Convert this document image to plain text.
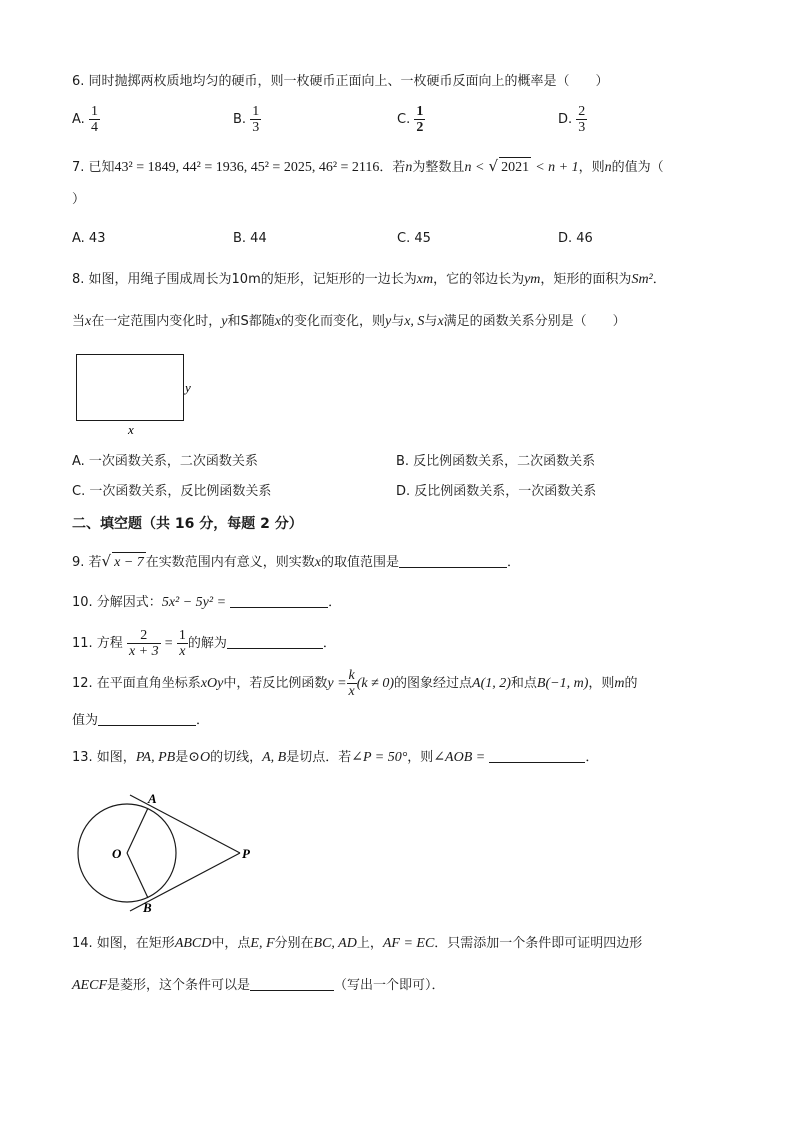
6. 同时抛掷两枚质地均匀的硬币，则一枚硬币正面向上、一枚硬币反面向上的概率是（　　）
A. $\frac{1}{4}$	B. $\frac{1}{3}$	C. $\frac{1}{2}$	D. $\frac{2}{3}$
7. 已知43² = 1849, 44² = 1936, 45² = 2025, 46² = 2116．若n为整数且n < √ 2021 < n + 1，则n的值为（
）
A. 43	B. 44	C. 45	D. 46
8. 如图，用绳子围成周长为10m的矩形，记矩形的一边长为xm，它的邻边长为ym，矩形的面积为Sm²．
当x在一定范围内变化时，y和S都随x的变化而变化，则y与x, S与x满足的函数关系分别是（　　）
y
x
A. 一次函数关系，二次函数关系	B. 反比例函数关系，二次函数关系
C. 一次函数关系，反比例函数关系	D. 反比例函数关系，一次函数关系
二、填空题（共 16 分，每题 2 分）
9. 若√ x − 7 在实数范围内有意义，则实数x的取值范围是	．
10. 分解因式：5x² − 5y² =	．
11. 方程 $\frac{2}{x + 3} = \frac{1}{x}$ 的解为	．
12. 在平面直角坐标系xOy中，若反比例函数$y = \frac{k}{x} (k \ne 0)$的图象经过点A(1, 2)和点B(−1, m)，则m的
值为	．
13. 如图，PA, PB是⊙O的切线，A, B是切点．若∠P = 50°，则∠AOB =	．
A
O	P
B
14. 如图，在矩形ABCD中，点E, F分别在BC, AD上，AF = EC．只需添加一个条件即可证明四边形
AECF是菱形，这个条件可以是	（写出一个即可）．
